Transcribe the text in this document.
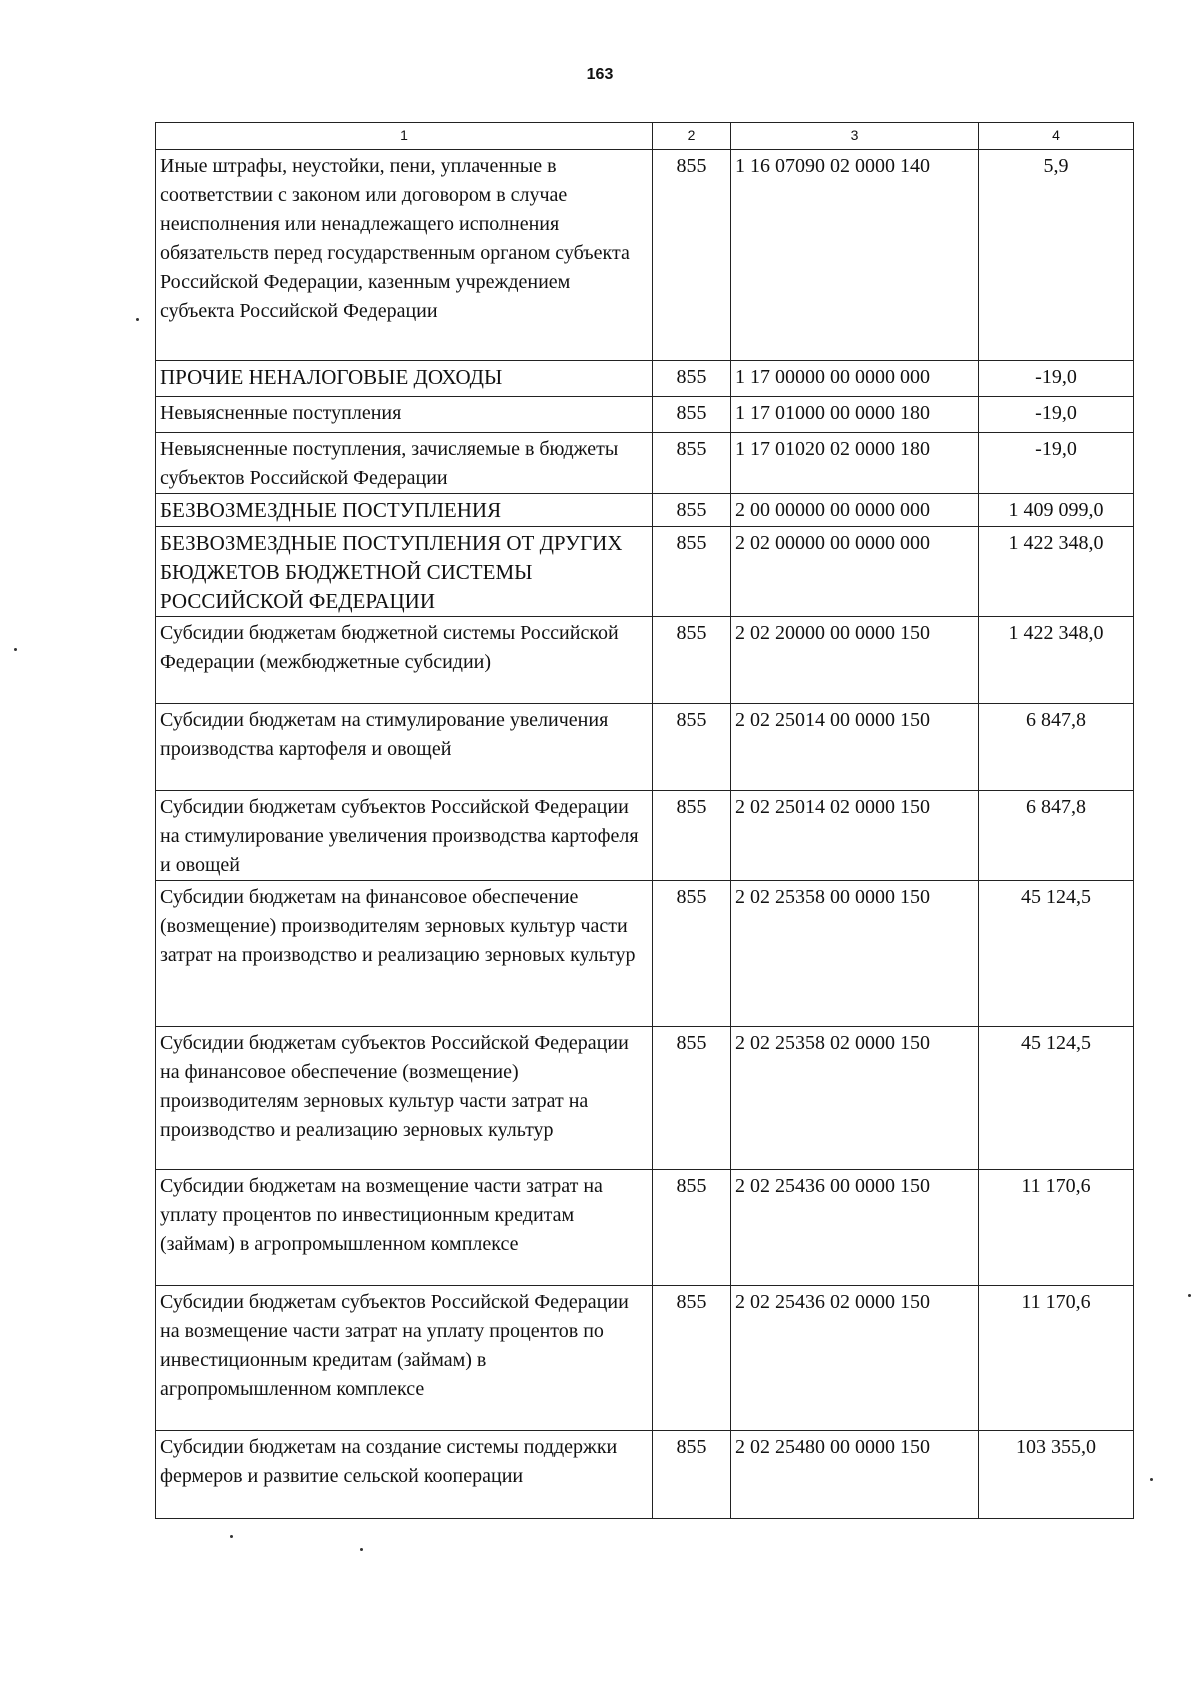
163
1	2	3	4
Иные штрафы, неустойки, пени, уплаченные в соответствии с законом или договором в случае неисполнения или ненадлежащего исполнения обязательств перед государственным органом субъекта Российской Федерации, казенным учреждением субъекта Российской Федерации	855	1 16 07090 02 0000 140	5,9
ПРОЧИЕ НЕНАЛОГОВЫЕ ДОХОДЫ	855	1 17 00000 00 0000 000	-19,0
Невыясненные поступления	855	1 17 01000 00 0000 180	-19,0
Невыясненные поступления, зачисляемые в бюджеты субъектов Российской Федерации	855	1 17 01020 02 0000 180	-19,0
БЕЗВОЗМЕЗДНЫЕ ПОСТУПЛЕНИЯ	855	2 00 00000 00 0000 000	1 409 099,0
БЕЗВОЗМЕЗДНЫЕ ПОСТУПЛЕНИЯ ОТ ДРУГИХ БЮДЖЕТОВ БЮДЖЕТНОЙ СИСТЕМЫ РОССИЙСКОЙ ФЕДЕРАЦИИ	855	2 02 00000 00 0000 000	1 422 348,0
Субсидии бюджетам бюджетной системы Российской Федерации (межбюджетные субсидии)	855	2 02 20000 00 0000 150	1 422 348,0
Субсидии бюджетам на стимулирование увеличения производства картофеля и овощей	855	2 02 25014 00 0000 150	6 847,8
Субсидии бюджетам субъектов Российской Федерации на стимулирование увеличения производства картофеля и овощей	855	2 02 25014 02 0000 150	6 847,8
Субсидии бюджетам на финансовое обеспечение (возмещение) производителям зерновых культур части затрат на производство и реализацию зерновых культур	855	2 02 25358 00 0000 150	45 124,5
Субсидии бюджетам субъектов Российской Федерации на финансовое обеспечение (возмещение) производителям зерновых культур части затрат на производство и реализацию зерновых культур	855	2 02 25358 02 0000 150	45 124,5
Субсидии бюджетам на возмещение части затрат на уплату процентов по инвестиционным кредитам (займам) в агропромышленном комплексе	855	2 02 25436 00 0000 150	11 170,6
Субсидии бюджетам субъектов Российской Федерации на возмещение части затрат на уплату процентов по инвестиционным кредитам (займам) в агропромышленном комплексе	855	2 02 25436 02 0000 150	11 170,6
Субсидии бюджетам на создание системы поддержки фермеров и развитие сельской кооперации	855	2 02 25480 00 0000 150	103 355,0
